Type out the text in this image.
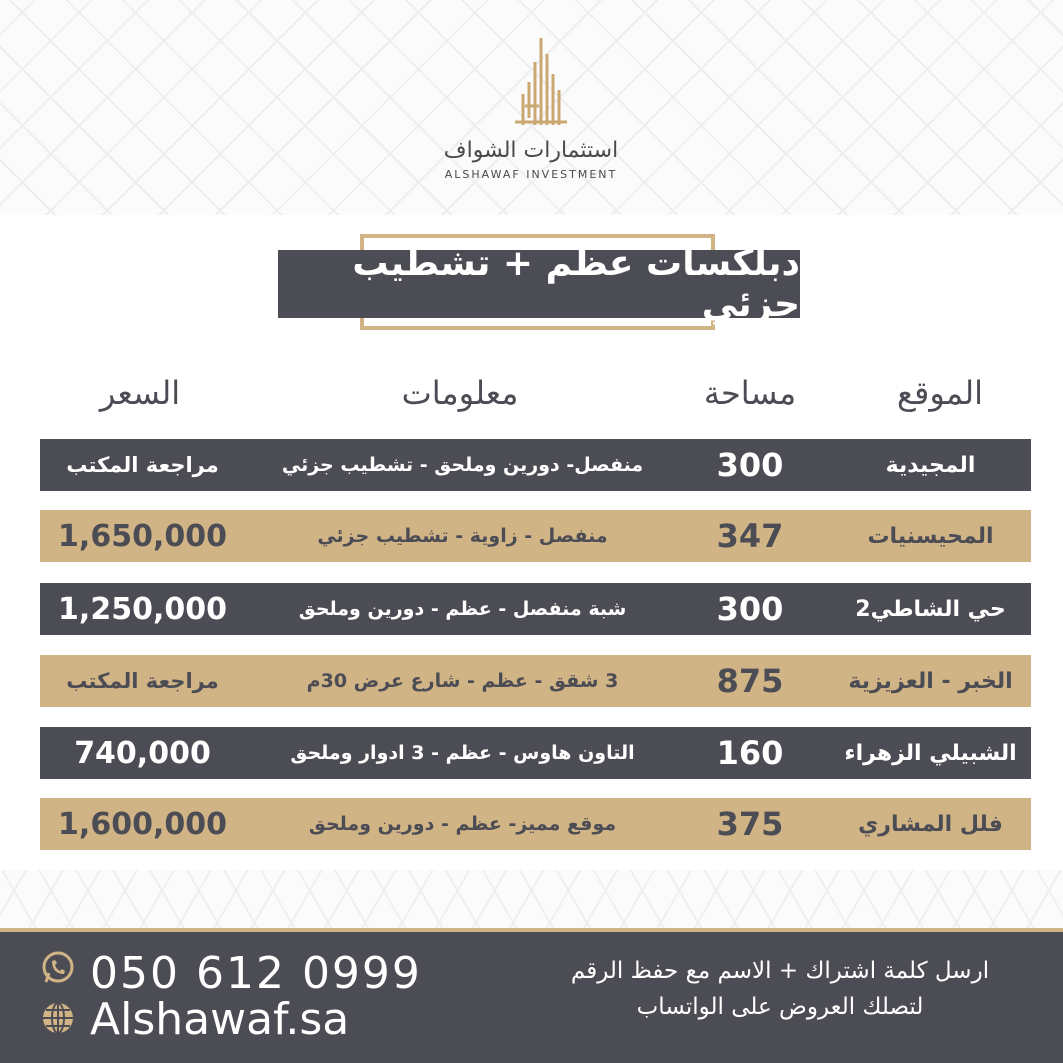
استثمارات الشواف
ALSHAWAF INVESTMENT
دبلكسات عظم + تشطيب جزئي
الموقع
مساحة
معلومات
السعر
المجيدية
300
منفصل- دورين وملحق - تشطيب جزئي
مراجعة المكتب
المحيسنيات
347
منفصل - زاوية - تشطيب جزئي
1,650,000
حي الشاطي2
300
شبة منفصل - عظم - دورين وملحق
1,250,000
الخبر - العزيزية
875
3 شقق - عظم - شارع عرض 30م
مراجعة المكتب
الشبيلي الزهراء
160
التاون هاوس - عظم - 3 ادوار وملحق
740,000
فلل المشاري
375
موقع مميز- عظم - دورين وملحق
1,600,000
050 612 0999
Alshawaf.sa
ارسل كلمة اشتراك + الاسم مع حفظ الرقم
لتصلك العروض على الواتساب
